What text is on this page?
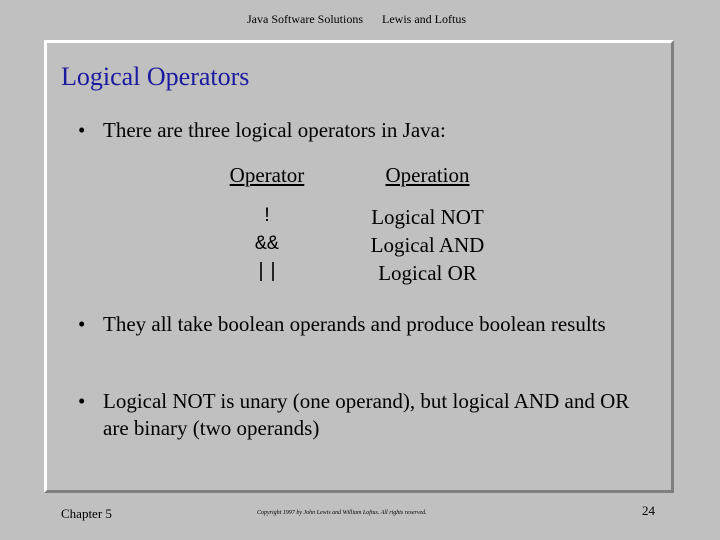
Java Software Solutions Lewis and Loftus
Logical Operators
• There are three logical operators in Java:
Operator
!
&&
||
Operation
Logical NOT
Logical AND
Logical OR
• They all take boolean operands and produce boolean results
• Logical NOT is unary (one operand), but logical AND and OR are binary (two operands)
Chapter 5	Copyright 1997 by John Lewis and William Loftus. All rights reserved.	24
